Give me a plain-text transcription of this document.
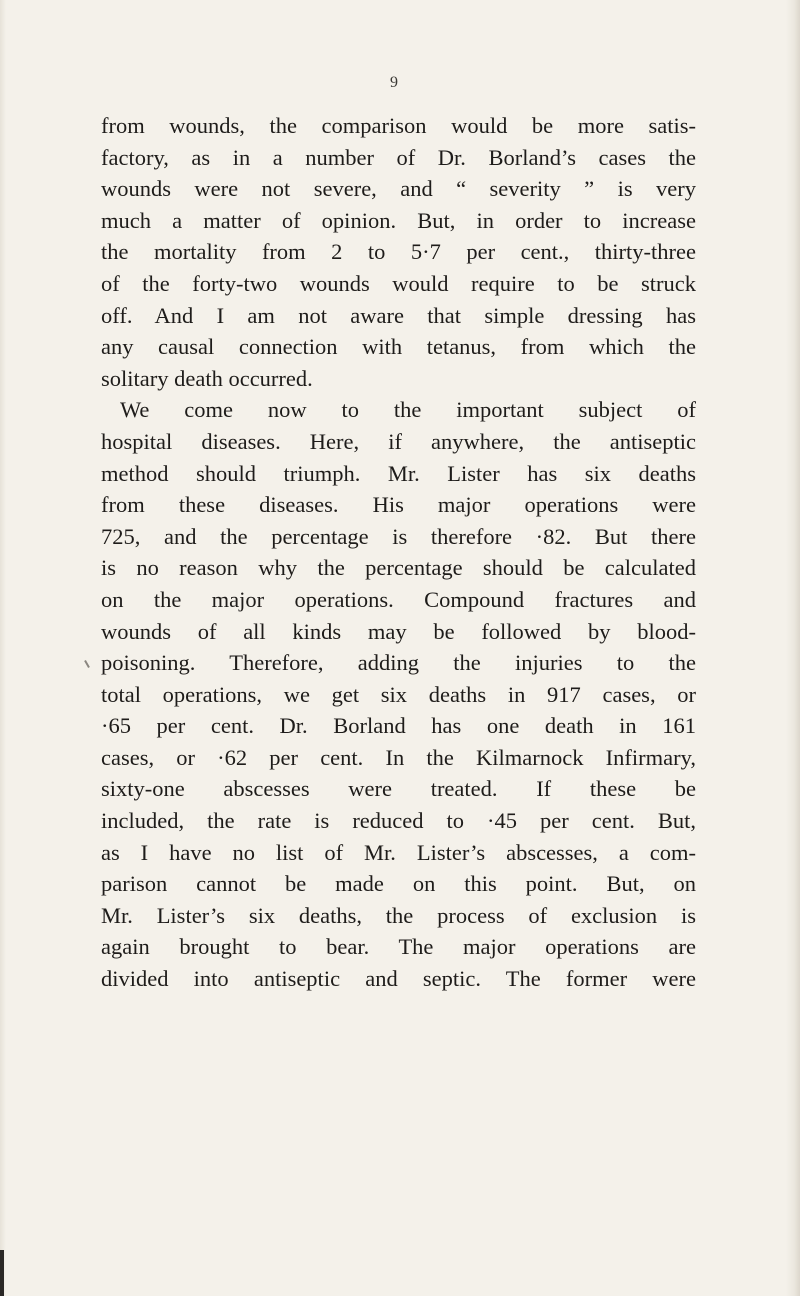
9
from wounds, the comparison would be more satis-
factory, as in a number of Dr. Borland’s cases the
wounds were not severe, and “ severity ” is very
much a matter of opinion. But, in order to increase
the mortality from 2 to 5·7 per cent., thirty-three
of the forty-two wounds would require to be struck
off. And I am not aware that simple dressing has
any causal connection with tetanus, from which the
solitary death occurred.
We come now to the important subject of
hospital diseases. Here, if anywhere, the antiseptic
method should triumph. Mr. Lister has six deaths
from these diseases. His major operations were
725, and the percentage is therefore ·82. But there
is no reason why the percentage should be calculated
on the major operations. Compound fractures and
wounds of all kinds may be followed by blood-
poisoning. Therefore, adding the injuries to the
total operations, we get six deaths in 917 cases, or
·65 per cent. Dr. Borland has one death in 161
cases, or ·62 per cent. In the Kilmarnock Infirmary,
sixty-one abscesses were treated. If these be
included, the rate is reduced to ·45 per cent. But,
as I have no list of Mr. Lister’s abscesses, a com-
parison cannot be made on this point. But, on
Mr. Lister’s six deaths, the process of exclusion is
again brought to bear. The major operations are
divided into antiseptic and septic. The former were
